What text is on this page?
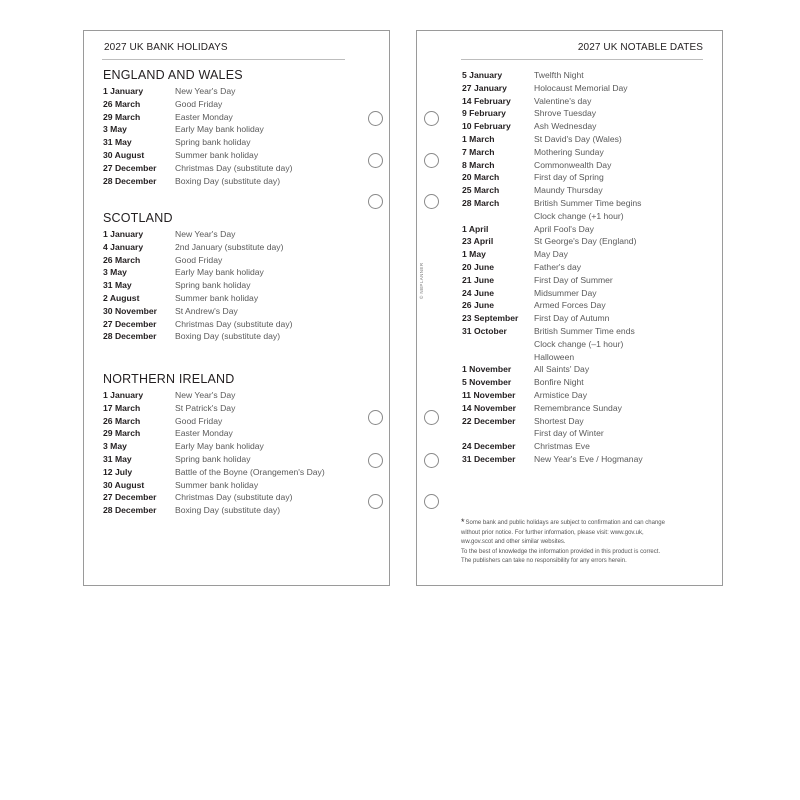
2027 UK BANK HOLIDAYS
ENGLAND AND WALES
1 January	New Year's Day
26 March	Good Friday
29 March	Easter Monday
3 May	Early May bank holiday
31 May	Spring bank holiday
30 August	Summer bank holiday
27 December	Christmas Day (substitute day)
28 December	Boxing Day (substitute day)
SCOTLAND
1 January	New Year's Day
4 January	2nd January (substitute day)
26 March	Good Friday
3 May	Early May bank holiday
31 May	Spring bank holiday
2 August	Summer bank holiday
30 November	St Andrew's Day
27 December	Christmas Day (substitute day)
28 December	Boxing Day (substitute day)
NORTHERN IRELAND
1 January	New Year's Day
17 March	St Patrick's Day
26 March	Good Friday
29 March	Easter Monday
3 May	Early May bank holiday
31 May	Spring bank holiday
12 July	Battle of the Boyne (Orangemen's Day)
30 August	Summer bank holiday
27 December	Christmas Day (substitute day)
28 December	Boxing Day (substitute day)
2027 UK NOTABLE DATES
5 January	Twelfth Night
27 January	Holocaust Memorial Day
14 February	Valentine's day
9 February	Shrove Tuesday
10 February	Ash Wednesday
1 March	St David's Day (Wales)
7 March	Mothering Sunday
8 March	Commonwealth Day
20 March	First day of Spring
25 March	Maundy Thursday
28 March	British Summer Time begins
Clock change (+1 hour)
1 April	April Fool's Day
23 April	St George's Day (England)
1 May	May Day
20 June	Father's day
21 June	First Day of Summer
24 June	Midsummer Day
26 June	Armed Forces Day
23 September	First Day of Autumn
31 October	British Summer Time ends
Clock change (–1 hour)
Halloween
1 November	All Saints' Day
5 November	Bonfire Night
11 November	Armistice Day
14 November	Remembrance Sunday
22 December	Shortest Day
First day of Winter
24 December	Christmas Eve
31 December	New Year's Eve / Hogmanay
© NBPLANNER
*Some bank and public holidays are subject to confirmation and can change
without prior notice. For further information, please visit: www.gov.uk,
ww.gov.scot and other similar websites.
To the best of knowledge the information provided in this product is correct.
The publishers can take no responsibility for any errors herein.
